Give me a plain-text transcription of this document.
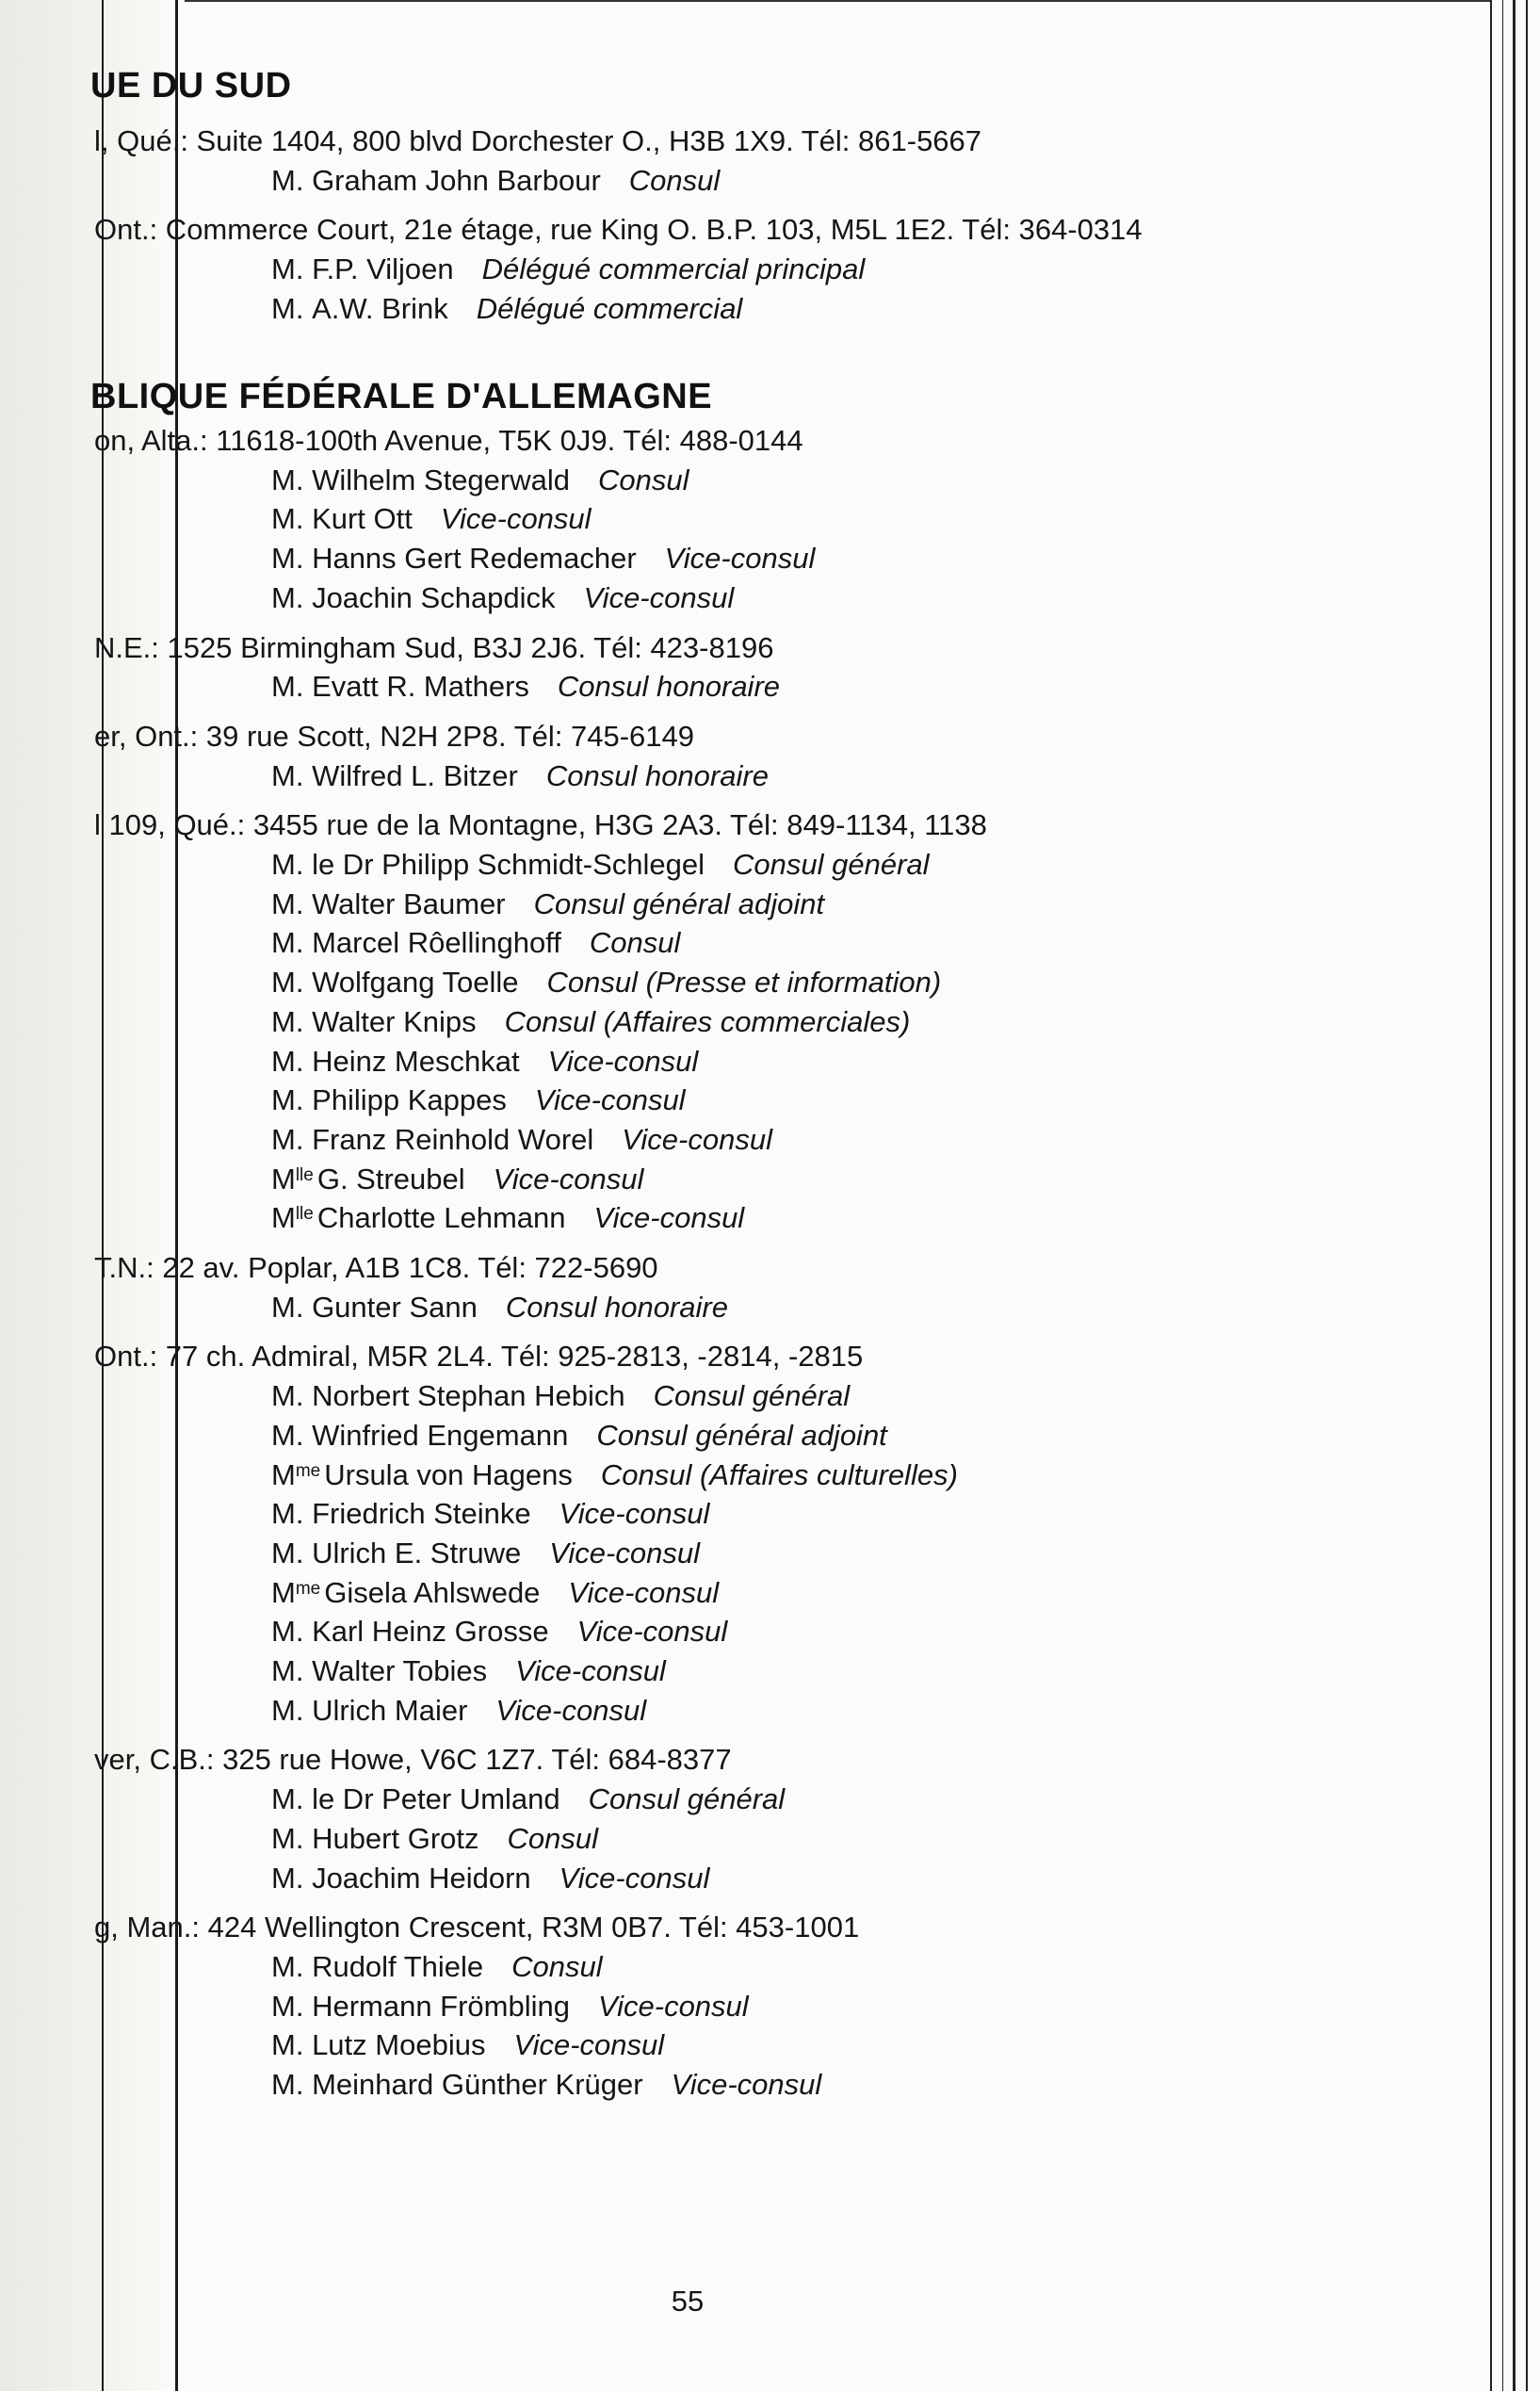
UE DU SUD
l, Qué.: Suite 1404, 800 blvd Dorchester O., H3B 1X9. Tél: 861-5667
M. Graham John Barbour Consul
Ont.: Commerce Court, 21e étage, rue King O. B.P. 103, M5L 1E2. Tél: 364-0314
M. F.P. Viljoen Délégué commercial principal
M. A.W. Brink Délégué commercial
BLIQUE FÉDÉRALE D'ALLEMAGNE
on, Alta.: 11618-100th Avenue, T5K 0J9. Tél: 488-0144
M. Wilhelm Stegerwald Consul
M. Kurt Ott Vice-consul
M. Hanns Gert Redemacher Vice-consul
M. Joachin Schapdick Vice-consul
N.E.: 1525 Birmingham Sud, B3J 2J6. Tél: 423-8196
M. Evatt R. Mathers Consul honoraire
er, Ont.: 39 rue Scott, N2H 2P8. Tél: 745-6149
M. Wilfred L. Bitzer Consul honoraire
l 109, Qué.: 3455 rue de la Montagne, H3G 2A3. Tél: 849-1134, 1138
M. le Dr Philipp Schmidt-Schlegel Consul général
M. Walter Baumer Consul général adjoint
M. Marcel Rôellinghoff Consul
M. Wolfgang Toelle Consul (Presse et information)
M. Walter Knips Consul (Affaires commerciales)
M. Heinz Meschkat Vice-consul
M. Philipp Kappes Vice-consul
M. Franz Reinhold Worel Vice-consul
$M^{lle}$ G. Streubel Vice-consul
$M^{lle}$ Charlotte Lehmann Vice-consul
T.N.: 22 av. Poplar, A1B 1C8. Tél: 722-5690
M. Gunter Sann Consul honoraire
Ont.: 77 ch. Admiral, M5R 2L4. Tél: 925-2813, -2814, -2815
M. Norbert Stephan Hebich Consul général
M. Winfried Engemann Consul général adjoint
$M^{me}$ Ursula von Hagens Consul (Affaires culturelles)
M. Friedrich Steinke Vice-consul
M. Ulrich E. Struwe Vice-consul
$M^{me}$ Gisela Ahlswede Vice-consul
M. Karl Heinz Grosse Vice-consul
M. Walter Tobies Vice-consul
M. Ulrich Maier Vice-consul
ver, C.B.: 325 rue Howe, V6C 1Z7. Tél: 684-8377
M. le Dr Peter Umland Consul général
M. Hubert Grotz Consul
M. Joachim Heidorn Vice-consul
g, Man.: 424 Wellington Crescent, R3M 0B7. Tél: 453-1001
M. Rudolf Thiele Consul
M. Hermann Frömbling Vice-consul
M. Lutz Moebius Vice-consul
M. Meinhard Günther Krüger Vice-consul
55
